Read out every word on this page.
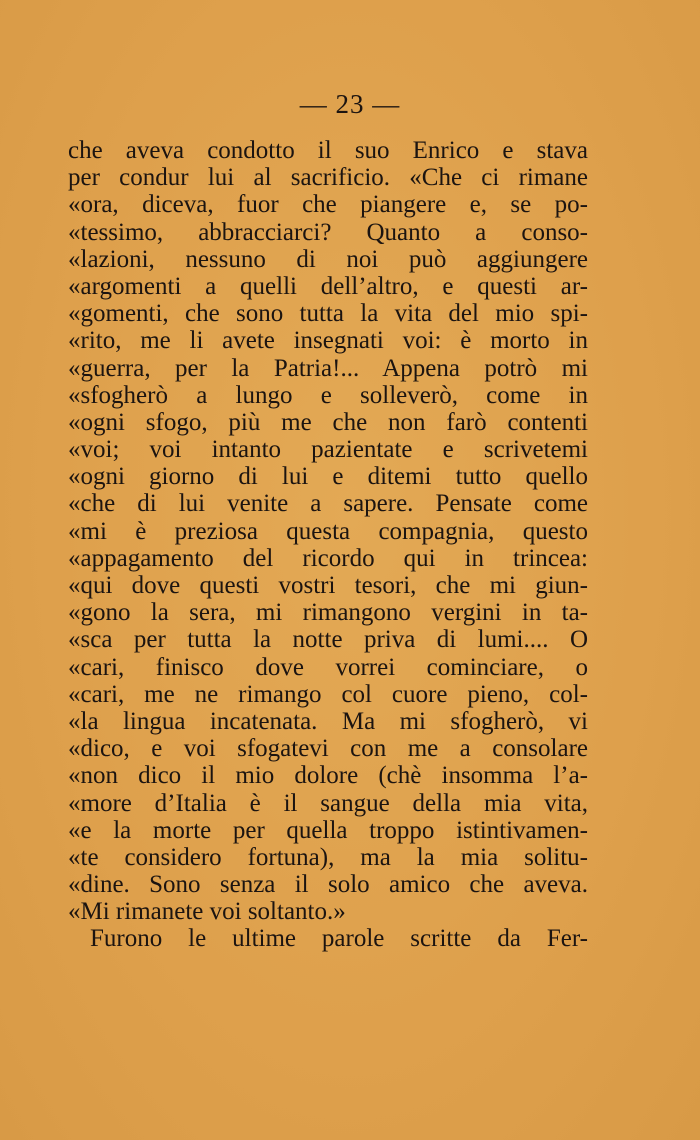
— 23 —
che aveva condotto il suo Enrico e stava
per condur lui al sacrificio. «Che ci rimane
«ora, diceva, fuor che piangere e, se po-
«tessimo, abbracciarci? Quanto a conso-
«lazioni, nessuno di noi può aggiungere
«argomenti a quelli dell’altro, e questi ar-
«gomenti, che sono tutta la vita del mio spi-
«rito, me li avete insegnati voi: è morto in
«guerra, per la Patria!... Appena potrò mi
«sfogherò a lungo e solleverò, come in
«ogni sfogo, più me che non farò contenti
«voi; voi intanto pazientate e scrivetemi
«ogni giorno di lui e ditemi tutto quello
«che di lui venite a sapere. Pensate come
«mi è preziosa questa compagnia, questo
«appagamento del ricordo qui in trincea:
«qui dove questi vostri tesori, che mi giun-
«gono la sera, mi rimangono vergini in ta-
«sca per tutta la notte priva di lumi.... O
«cari, finisco dove vorrei cominciare, o
«cari, me ne rimango col cuore pieno, col-
«la lingua incatenata. Ma mi sfogherò, vi
«dico, e voi sfogatevi con me a consolare
«non dico il mio dolore (chè insomma l’a-
«more d’Italia è il sangue della mia vita,
«e la morte per quella troppo istintivamen-
«te considero fortuna), ma la mia solitu-
«dine. Sono senza il solo amico che aveva.
«Mi rimanete voi soltanto.»
Furono le ultime parole scritte da Fer-
